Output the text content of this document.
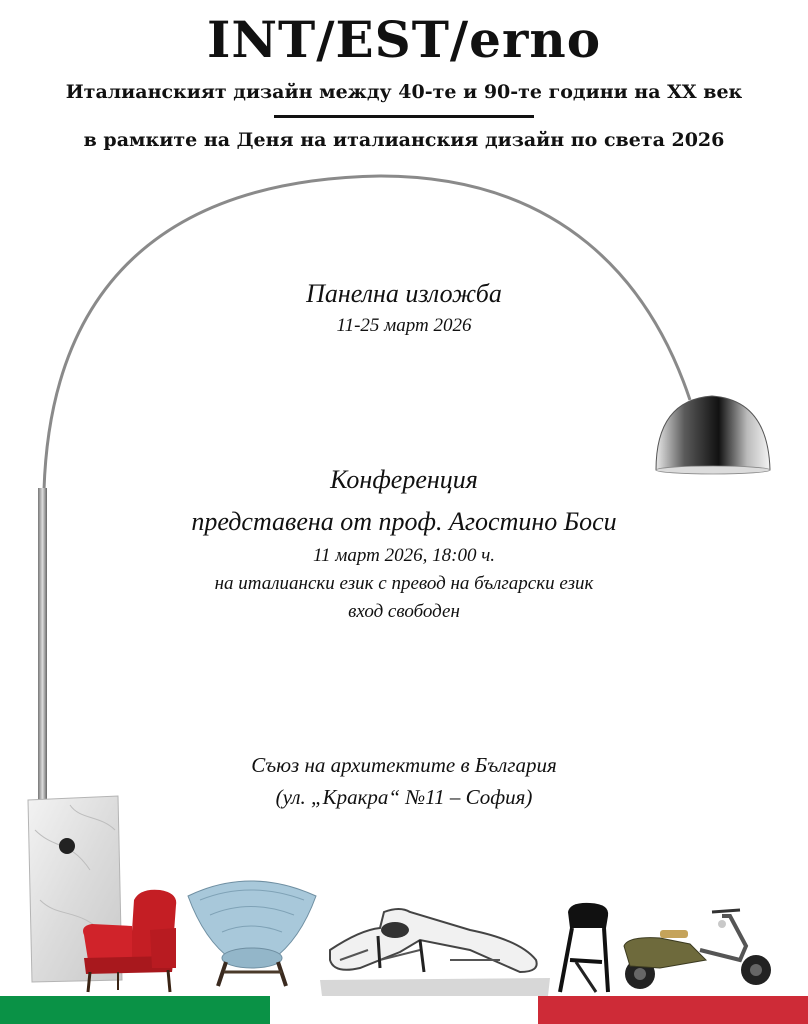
INT/EST/erno
Италианският дизайн между 40-те и 90-те години на XX век
в рамките на Деня на италианския дизайн по света 2026
Панелна изложба
11-25 март 2026
Конференция
представена от проф. Агостино Боси
11 март 2026, 18:00 ч.
на италиански език с превод на български език
вход свободен
Съюз на архитектите в България
(ул. „Кракра“ №11 – София)
